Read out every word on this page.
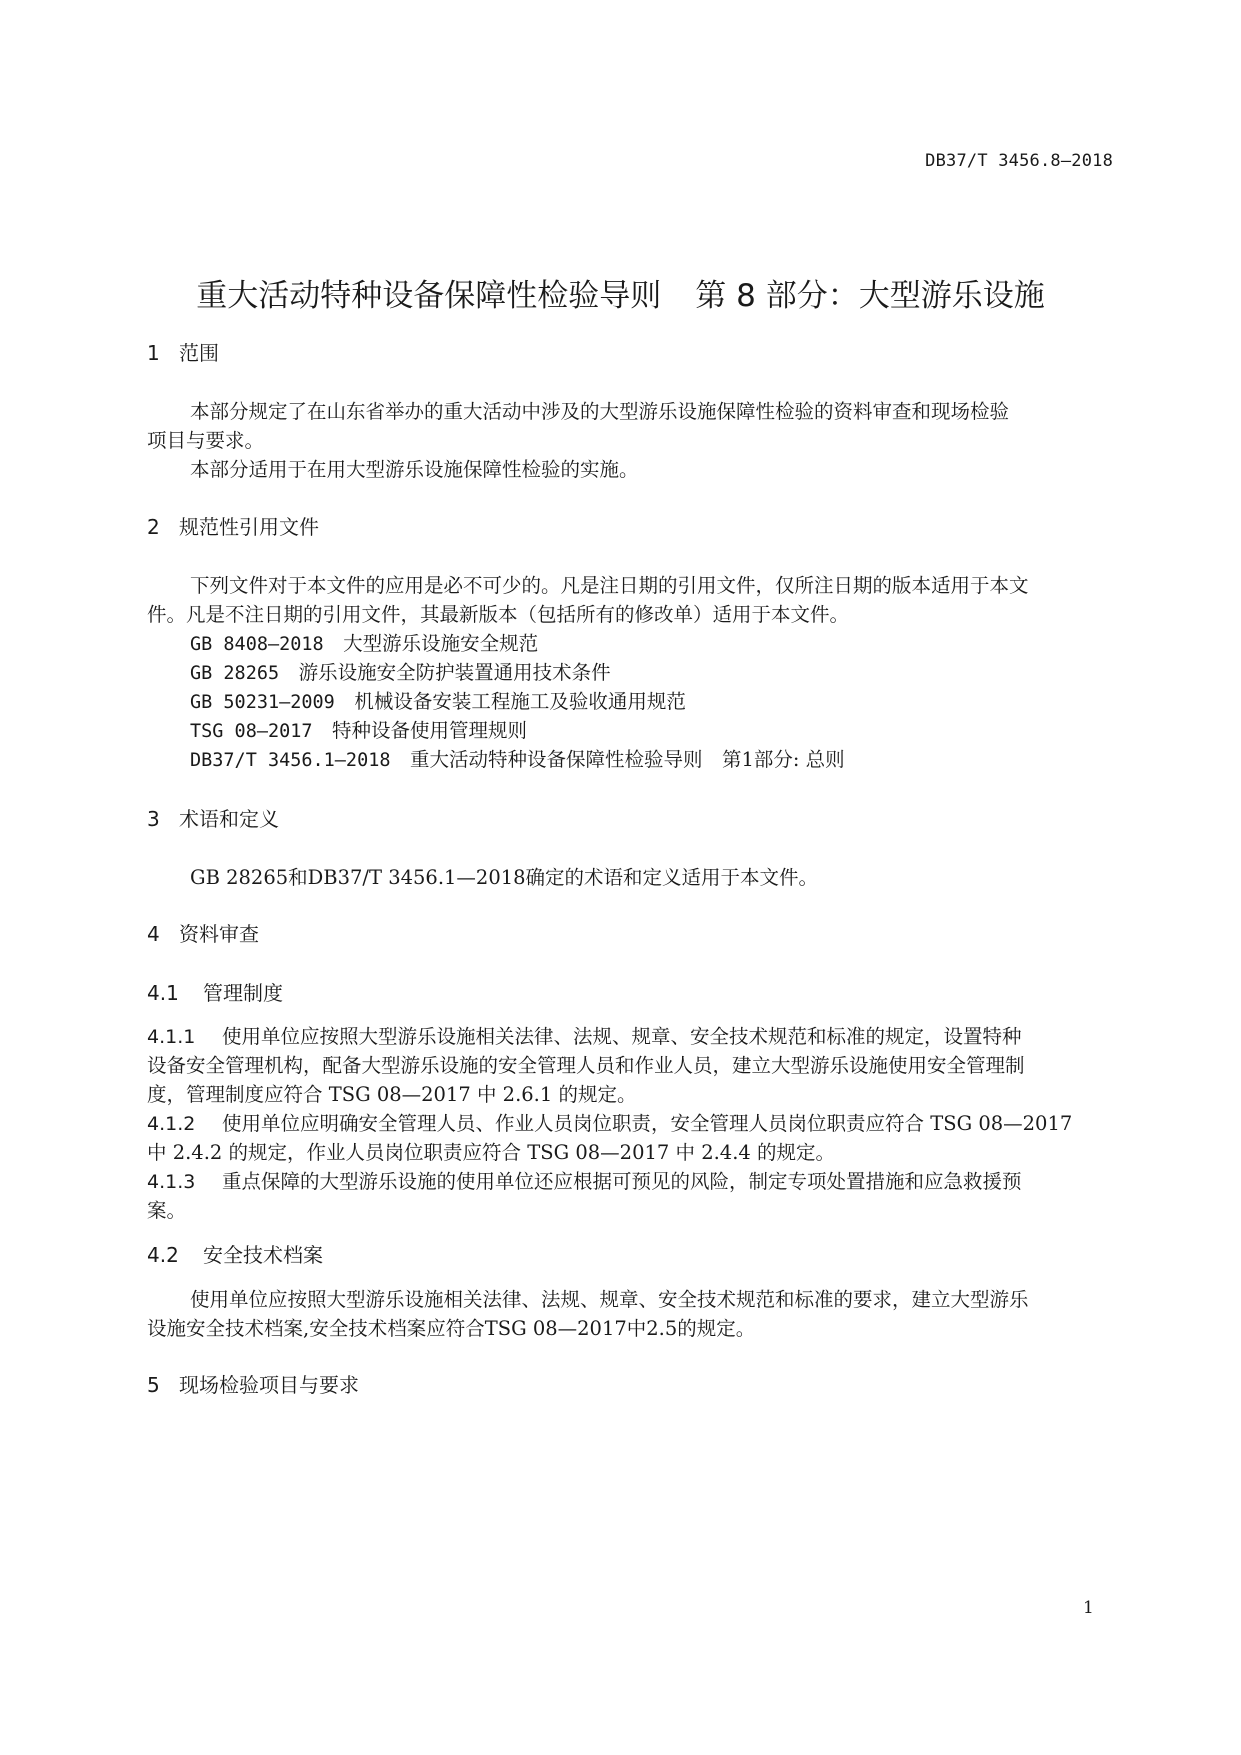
DB37/T 3456.8—2018
重大活动特种设备保障性检验导则 第 8 部分：大型游乐设施
1 范围
本部分规定了在山东省举办的重大活动中涉及的大型游乐设施保障性检验的资料审查和现场检验
项目与要求。
本部分适用于在用大型游乐设施保障性检验的实施。
2 规范性引用文件
下列文件对于本文件的应用是必不可少的。凡是注日期的引用文件，仅所注日期的版本适用于本文
件。凡是不注日期的引用文件，其最新版本（包括所有的修改单）适用于本文件。
GB 8408—2018　 大型游乐设施安全规范
GB 28265　 游乐设施安全防护装置通用技术条件
GB 50231—2009　 机械设备安装工程施工及验收通用规范
TSG 08—2017　 特种设备使用管理规则
DB37/T 3456.1—2018　 重大活动特种设备保障性检验导则　第1部分: 总则
3 术语和定义
GB 28265和DB37/T 3456.1—2018确定的术语和定义适用于本文件。
4 资料审查
4.1 管理制度
4.1.1 使用单位应按照大型游乐设施相关法律、法规、规章、安全技术规范和标准的规定，设置特种
设备安全管理机构，配备大型游乐设施的安全管理人员和作业人员，建立大型游乐设施使用安全管理制
度，管理制度应符合 TSG 08—2017 中 2.6.1 的规定。
4.1.2 使用单位应明确安全管理人员、作业人员岗位职责，安全管理人员岗位职责应符合 TSG 08—2017
中 2.4.2 的规定，作业人员岗位职责应符合 TSG 08—2017 中 2.4.4 的规定。
4.1.3 重点保障的大型游乐设施的使用单位还应根据可预见的风险，制定专项处置措施和应急救援预
案。
4.2 安全技术档案
使用单位应按照大型游乐设施相关法律、法规、规章、安全技术规范和标准的要求，建立大型游乐
设施安全技术档案,安全技术档案应符合TSG 08—2017中2.5的规定。
5 现场检验项目与要求
1
